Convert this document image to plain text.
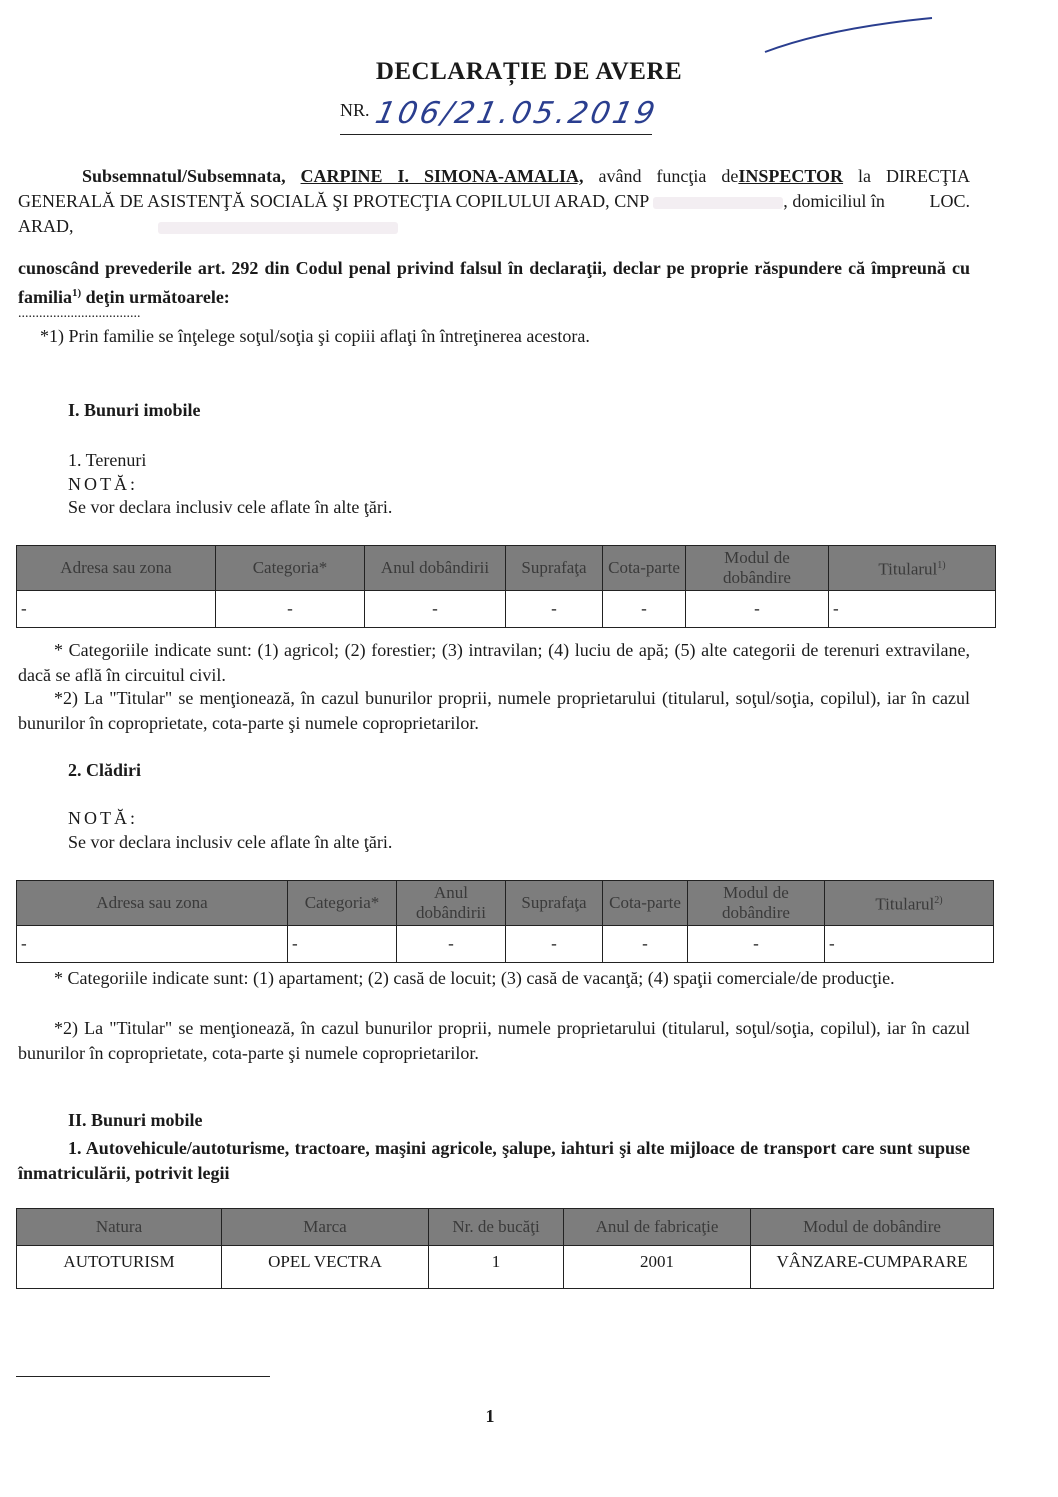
DECLARAȚIE DE AVERE
NR. 106/21.05.2019
Subsemnatul/Subsemnata, CARPINE I. SIMONA-AMALIA, având funcţia deINSPECTOR la DIRECŢIA GENERALĂ DE ASISTENŢĂ SOCIALĂ ŞI PROTECŢIA COPILULUI ARAD, CNP	, domiciliul în LOC. ARAD,
cunoscând prevederile art. 292 din Codul penal privind falsul în declaraţii, declar pe proprie răspundere că împreună cu familia$^{1)}$ deţin următoarele:
...................................
*1) Prin familie se înţelege soţul/soţia şi copiii aflaţi în întreţinerea acestora.
I. Bunuri imobile
1. Terenuri
NOTĂ:
Se vor declara inclusiv cele aflate în alte ţări.
Adresa sau zona	Categoria*	Anul dobândirii	Suprafaţa	Cota-parte	Modul de dobândire	Titularul$^{1)}$
-	-	-	-	-	-	-
* Categoriile indicate sunt: (1) agricol; (2) forestier; (3) intravilan; (4) luciu de apă; (5) alte categorii de terenuri extravilane, dacă se află în circuitul civil.
*2) La "Titular" se menţionează, în cazul bunurilor proprii, numele proprietarului (titularul, soţul/soţia, copilul), iar în cazul bunurilor în coproprietate, cota-parte şi numele coproprietarilor.
2. Clădiri
NOTĂ:
Se vor declara inclusiv cele aflate în alte ţări.
Adresa sau zona	Categoria*	Anul dobândirii	Suprafaţa	Cota-parte	Modul de dobândire	Titularul$^{2)}$
-	-	-	-	-	-	-
* Categoriile indicate sunt: (1) apartament; (2) casă de locuit; (3) casă de vacanţă; (4) spaţii comerciale/de producţie.
*2) La "Titular" se menţionează, în cazul bunurilor proprii, numele proprietarului (titularul, soţul/soţia, copilul), iar în cazul bunurilor în coproprietate, cota-parte şi numele coproprietarilor.
II. Bunuri mobile
1. Autovehicule/autoturisme, tractoare, maşini agricole, şalupe, iahturi şi alte mijloace de transport care sunt supuse înmatriculării, potrivit legii
Natura	Marca	Nr. de bucăţi	Anul de fabricaţie	Modul de dobândire
AUTOTURISM	OPEL VECTRA	1	2001	VÂNZARE-CUMPARARE
1
